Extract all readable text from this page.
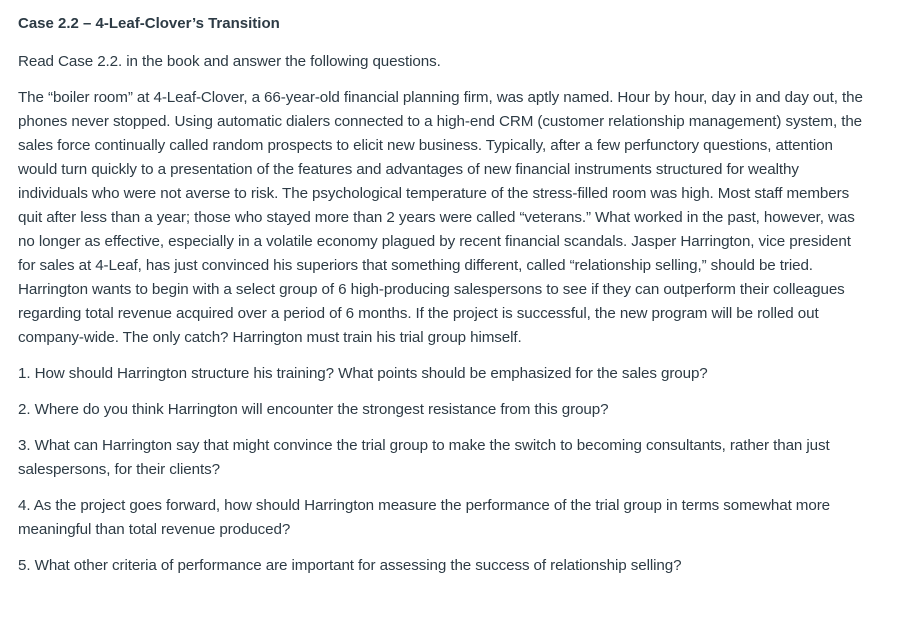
Case 2.2 – 4-Leaf-Clover’s Transition

Read Case 2.2. in the book and answer the following questions.

The “boiler room” at 4-Leaf-Clover, a 66-year-old financial planning firm, was aptly named. Hour by hour, day in and day out, the phones never stopped. Using automatic dialers connected to a high-end CRM (customer relationship management) system, the sales force continually called random prospects to elicit new business. Typically, after a few perfunctory questions, attention would turn quickly to a presentation of the features and advantages of new financial instruments structured for wealthy individuals who were not averse to risk. The psychological temperature of the stress-filled room was high. Most staff members quit after less than a year; those who stayed more than 2 years were called “veterans.” What worked in the past, however, was no longer as effective, especially in a volatile economy plagued by recent financial scandals. Jasper Harrington, vice president for sales at 4-Leaf, has just convinced his superiors that something different, called “relationship selling,” should be tried. Harrington wants to begin with a select group of 6 high-producing salespersons to see if they can outperform their colleagues regarding total revenue acquired over a period of 6 months. If the project is successful, the new program will be rolled out company-wide. The only catch? Harrington must train his trial group himself.

1. How should Harrington structure his training? What points should be emphasized for the sales group?

2. Where do you think Harrington will encounter the strongest resistance from this group?

3. What can Harrington say that might convince the trial group to make the switch to becoming consultants, rather than just salespersons, for their clients?

4. As the project goes forward, how should Harrington measure the performance of the trial group in terms somewhat more meaningful than total revenue produced?

5. What other criteria of performance are important for assessing the success of relationship selling?
